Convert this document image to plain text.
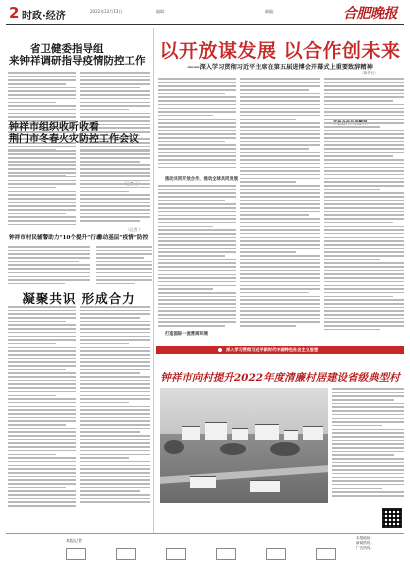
2 时政·经济	2022年12月13日	编辑：	邮编：	合肥晚报
省卫健委指导组
来钟祥调研指导疫情防控工作
钟祥市组织收听收看
荆门市冬春火灾防控工作会议
（记者 ）
钟祥市村民辅警助力“10个提升”行动
推动基层“疫情”防控
凝聚共识 形成合力
以开放谋发展 以合作创未来
——深入学习贯彻习近平主席在第五届进博会开幕式上重要致辞精神
（新华社）
推动共同开放合作，推动全球共同发展
打造国际一流营商环境
深入学习贯彻习近平新时代中国特色社会主义思想
钟祥市向村提升2022年度清廉村居建设省级典型村
本报记者	本报地址：
新闻热线：
广告热线：
